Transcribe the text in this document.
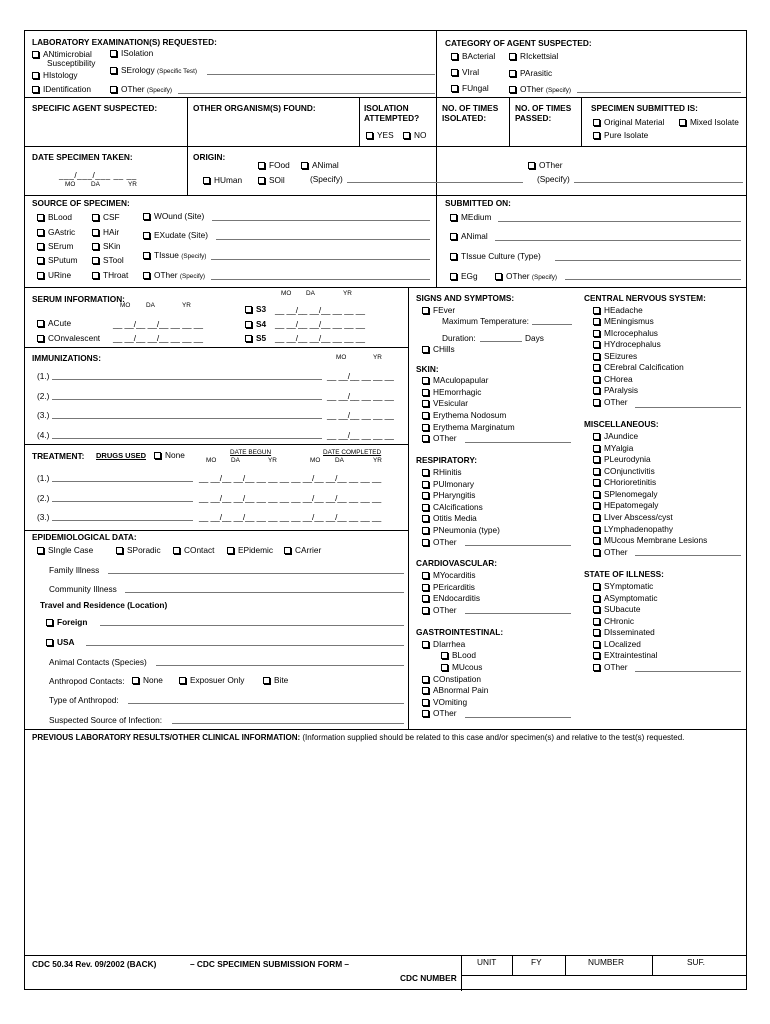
LABORATORY EXAMINATION(S) REQUESTED:
ANtimicrobial	ISolation
Susceptibility
SErology (Specific Test)
HIstology
IDentification	OTher (Specify)
CATEGORY OF AGENT SUSPECTED:
BActerial	RIckettsial
VIral	PArasitic
FUngal	OTher (Specify)
SPECIFIC AGENT SUSPECTED:	OTHER ORGANISM(S) FOUND:	ISOLATION
ATTEMPTED?
YES	NO
NO. OF TIMES
ISOLATED:
NO. OF TIMES
PASSED:
SPECIMEN SUBMITTED IS:
Original Material	Mixed Isolate
Pure Isolate
DATE SPECIMEN TAKEN:
___/___/___ __ __
MO DA	YR
ORIGIN:
FOod	ANimal
HUman	SOil	(Specify)
OTher
(Specify)
SOURCE OF SPECIMEN:
BLood
GAstric
SErum
SPutum
URine
CSF
HAir
SKin
STool
THroat
WOund (Site)
EXudate (Site)
TIssue (Specify)
OTher (Specify)
SUBMITTED ON:
MEdium
ANimal
TIssue Culture (Type)
EGg	OTher (Specify)
SERUM INFORMATION:
MO DA	YR
MO DA	YR
ACute	__ __/__ __/__ __ __ __
COnvalescent __ __/__ __/__ __ __ __
S3 __ __/__ __/__ __ __ __
S4 __ __/__ __/__ __ __ __
S5 __ __/__ __/__ __ __ __
IMMUNIZATIONS:	MO	YR
(1.)	__ __/__ __ __ __
(2.)	__ __/__ __ __ __
(3.)	__ __/__ __ __ __
(4.)	__ __/__ __ __ __
TREATMENT: DRUGS USED	None	DATE BEGUN	DATE COMPLETED
MO DA	YR	MO DA	YR
(1.)	__ __/__ __/__ __ __ __ __ __/__ __/__ __ __ __
(2.)	__ __/__ __/__ __ __ __ __ __/__ __/__ __ __ __
(3.)	__ __/__ __/__ __ __ __ __ __/__ __/__ __ __ __
EPIDEMIOLOGICAL DATA:
SIngle Case	SPoradic	COntact	EPidemic	CArrier
Family Illness
Community Illness
Travel and Residence (Location)
Foreign
USA
Animal Contacts (Species)
Anthropod Contacts:	None	Exposuer Only	Bite
Type of Anthropod:
Suspected Source of Infection:
SIGNS AND SYMPTOMS:
FEver
Maximum Temperature:
Duration:	Days
CHills
SKIN:
MAculopapular
HEmorrhagic
VEsicular
Erythema Nodosum
Erythema Marginatum
OTher
RESPIRATORY:
RHinitis
PUlmonary
PHaryngitis
CAlcifications
Otitis Media
PNeumonia (type)
OTher
CARDIOVASCULAR:
MYocarditis
PEricarditis
ENdocarditis
OTher
GASTROINTESTINAL:
DIarrhea
BLood
MUcous
COnstipation
ABnormal Pain
VOmiting
OTher
CENTRAL NERVOUS SYSTEM:
HEadache
MEningismus
MIcrocephalus
HYdrocephalus
SEizures
CErebral Calcification
CHorea
PAralysis
OTher
MISCELLANEOUS:
JAundice
MYalgia
PLeurodynia
COnjunctivitis
CHorioretinitis
SPlenomegaly
HEpatomegaly
LIver Abscess/cyst
LYmphadenopathy
MUcous Membrane Lesions
OTher
STATE OF ILLNESS:
SYmptomatic
ASymptomatic
SUbacute
CHronic
DIsseminated
LOcalized
EXtraintestinal
OTher
PREVIOUS LABORATORY RESULTS/OTHER CLINICAL INFORMATION: (Information supplied should be related to this case and/or specimen(s) and relative to the test(s) requested.
CDC 50.34 Rev. 09/2002 (BACK)	– CDC SPECIMEN SUBMISSION FORM –
CDC NUMBER
UNIT	FY	NUMBER	SUF.
